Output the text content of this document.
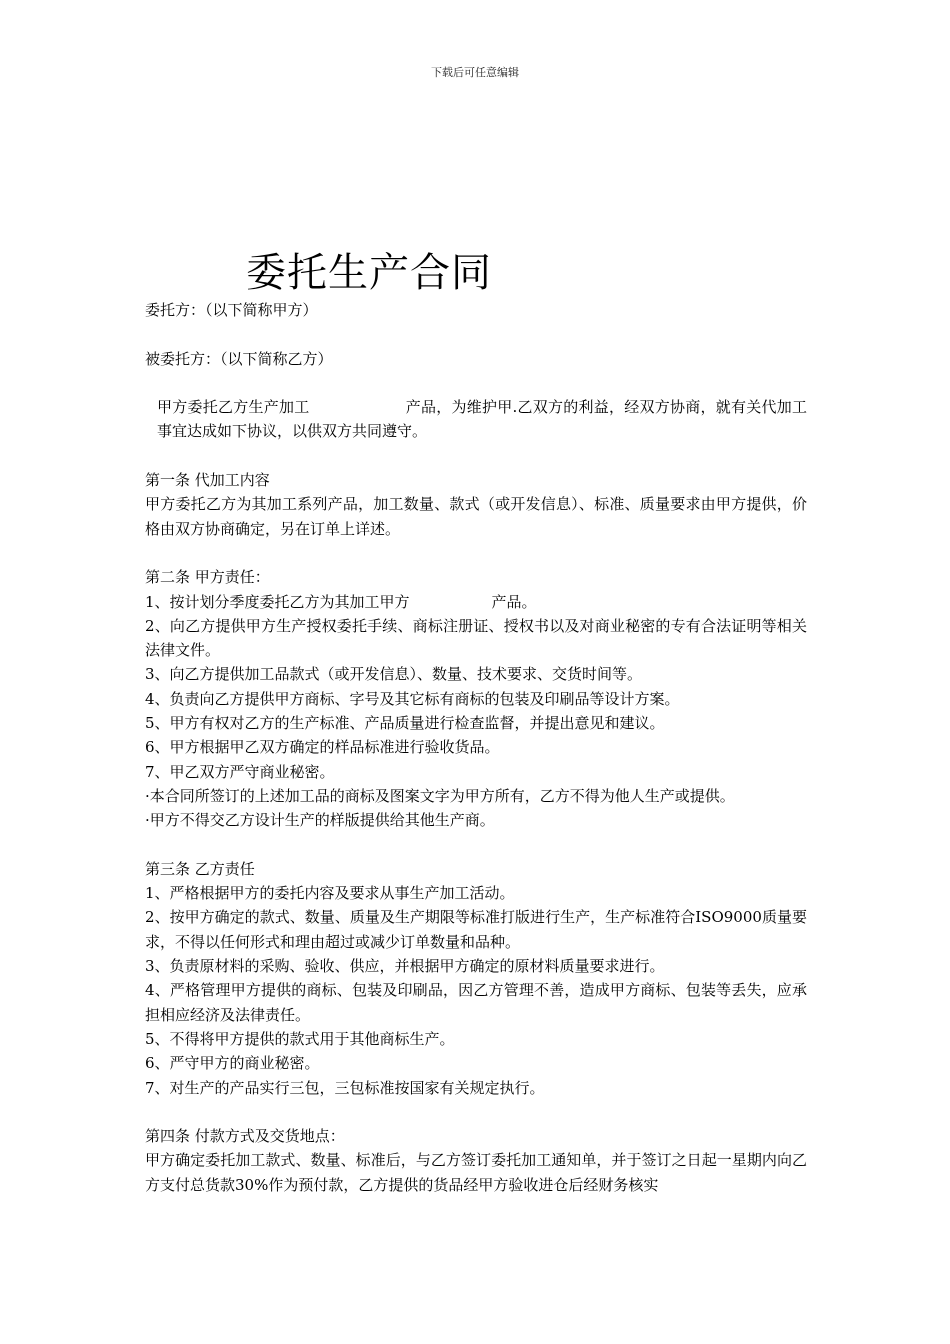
下载后可任意编辑
委托生产合同

委托方：（以下简称甲方）

被委托方：（以下简称乙方）

甲方委托乙方生产加工	产品，为维护甲.乙双方的利益，经双方协商，就有关代加工事宜达成如下协议，以供双方共同遵守。

第一条 代加工内容

甲方委托乙方为其加工系列产品，加工数量、款式（或开发信息）、标准、质量要求由甲方提供，价格由双方协商确定，另在订单上详述。

第二条 甲方责任：

1、按计划分季度委托乙方为其加工甲方	产品。

2、向乙方提供甲方生产授权委托手续、商标注册证、授权书以及对商业秘密的专有合法证明等相关法律文件。

3、向乙方提供加工品款式（或开发信息）、数量、技术要求、交货时间等。

4、负责向乙方提供甲方商标、字号及其它标有商标的包装及印刷品等设计方案。

5、甲方有权对乙方的生产标准、产品质量进行检查监督，并提出意见和建议。

6、甲方根据甲乙双方确定的样品标准进行验收货品。

7、甲乙双方严守商业秘密。

·本合同所签订的上述加工品的商标及图案文字为甲方所有，乙方不得为他人生产或提供。

·甲方不得交乙方设计生产的样版提供给其他生产商。

第三条 乙方责任

1、严格根据甲方的委托内容及要求从事生产加工活动。

2、按甲方确定的款式、数量、质量及生产期限等标准打版进行生产，生产标准符合ISO9000质量要求，不得以任何形式和理由超过或减少订单数量和品种。

3、负责原材料的采购、验收、供应，并根据甲方确定的原材料质量要求进行。

4、严格管理甲方提供的商标、包装及印刷品，因乙方管理不善，造成甲方商标、包装等丢失，应承担相应经济及法律责任。

5、不得将甲方提供的款式用于其他商标生产。

6、严守甲方的商业秘密。

7、对生产的产品实行三包，三包标准按国家有关规定执行。

第四条 付款方式及交货地点：

甲方确定委托加工款式、数量、标准后，与乙方签订委托加工通知单，并于签订之日起一星期内向乙方支付总货款30%作为预付款，乙方提供的货品经甲方验收进仓后经财务核实
